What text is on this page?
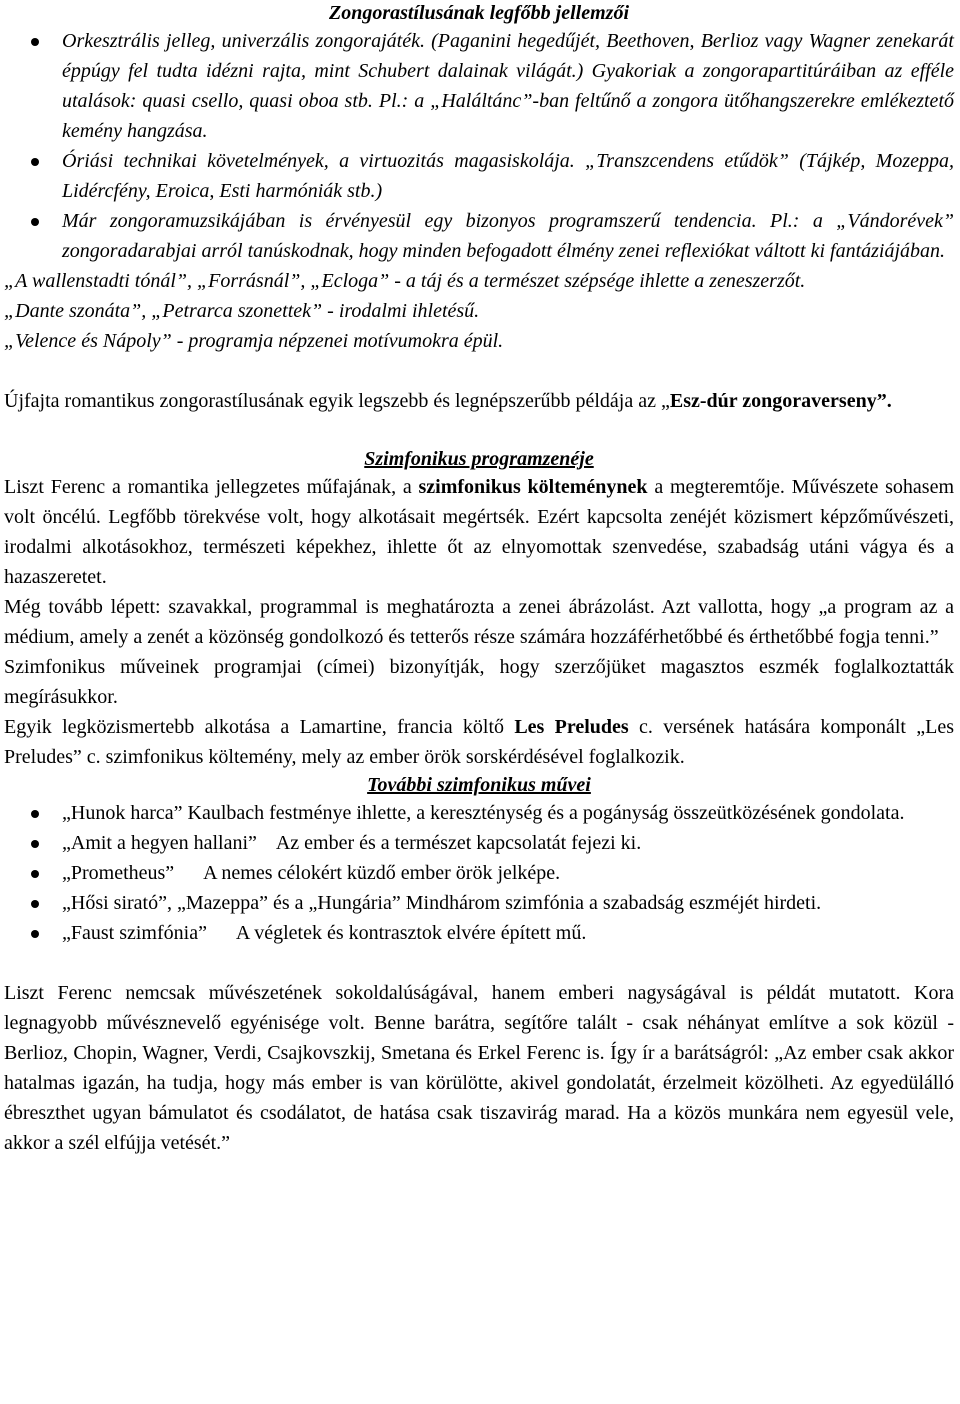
Zongorastílusának legfőbb jellemzői

Orkesztrális jelleg, univerzális zongorajáték. (Paganini hegedűjét, Beethoven, Berlioz vagy Wagner zenekarát éppúgy fel tudta idézni rajta, mint Schubert dalainak világát.) Gyakoriak a zongorapartitúráiban az efféle utalások: quasi csello, quasi oboa stb. Pl.: a „Haláltánc”-ban feltűnő a zongora ütőhangszerekre emlékeztető kemény hangzása.
Óriási technikai követelmények, a virtuozitás magasiskolája. „Transzcendens etűdök” (Tájkép, Mozeppa, Lidércfény, Eroica, Esti harmóniák stb.)
Már zongoramuzsikájában is érvényesül egy bizonyos programszerű tendencia. Pl.: a „Vándorévek” zongoradarabjai arról tanúskodnak, hogy minden befogadott élmény zenei reflexiókat váltott ki fantáziájában.

„A wallenstadti tónál”, „Forrásnál”, „Ecloga” - a táj és a természet szépsége ihlette a zeneszerzőt.

„Dante szonáta”, „Petrarca szonettek” - irodalmi ihletésű.

„Velence és Nápoly” - programja népzenei motívumokra épül.

Újfajta romantikus zongorastílusának egyik legszebb és legnépszerűbb példája az „Esz-dúr zongoraverseny”.

Szimfonikus programzenéje

Liszt Ferenc a romantika jellegzetes műfajának, a szimfonikus költeménynek a megteremtője. Művészete sohasem volt öncélú. Legfőbb törekvése volt, hogy alkotásait megértsék. Ezért kapcsolta zenéjét közismert képzőművészeti, irodalmi alkotásokhoz, természeti képekhez, ihlette őt az elnyomottak szenvedése, szabadság utáni vágya és a hazaszeretet.

Még tovább lépett: szavakkal, programmal is meghatározta a zenei ábrázolást. Azt vallotta, hogy „a program az a médium, amely a zenét a közönség gondolkozó és tetterős része számára hozzáférhetőbbé és érthetőbbé fogja tenni.”

Szimfonikus műveinek programjai (címei) bizonyítják, hogy szerzőjüket magasztos eszmék foglalkoztatták megírásukkor.

Egyik legközismertebb alkotása a Lamartine, francia költő Les Preludes c. versének hatására komponált „Les Preludes” c. szimfonikus költemény, mely az ember örök sorskérdésével foglalkozik.

További szimfonikus művei

„Hunok harca” Kaulbach festménye ihlette, a kereszténység és a pogányság összeütközésének gondolata.
„Amit a hegyen hallani” Az ember és a természet kapcsolatát fejezi ki.
„Prometheus” A nemes célokért küzdő ember örök jelképe.
„Hősi sirató”, „Mazeppa” és a „Hungária” Mindhárom szimfónia a szabadság eszméjét hirdeti.
„Faust szimfónia” A végletek és kontrasztok elvére épített mű.

Liszt Ferenc nemcsak művészetének sokoldalúságával, hanem emberi nagyságával is példát mutatott. Kora legnagyobb művésznevelő egyénisége volt. Benne barátra, segítőre talált - csak néhányat említve a sok közül - Berlioz, Chopin, Wagner, Verdi, Csajkovszkij, Smetana és Erkel Ferenc is. Így ír a barátságról: „Az ember csak akkor hatalmas igazán, ha tudja, hogy más ember is van körülötte, akivel gondolatát, érzelmeit közölheti. Az egyedülálló ébreszthet ugyan bámulatot és csodálatot, de hatása csak tiszavirág marad. Ha a közös munkára nem egyesül vele, akkor a szél elfújja vetését.”
